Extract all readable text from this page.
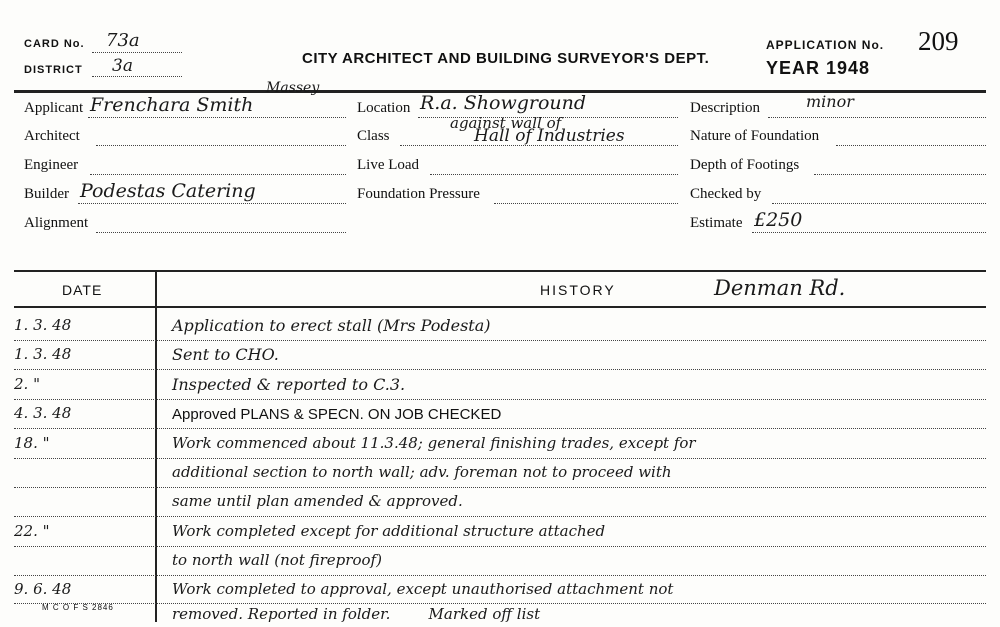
CARD No. 73a
DISTRICT 3a	CITY ARCHITECT AND BUILDING SURVEYOR'S DEPT.
APPLICATION No. 209
YEAR 1948
Applicant Frenchara Smith
Massey
Architect
Engineer
Builder Podestas Catering
Alignment
Location R.a. Showground
against wall of
Class	Hall of Industries
Live Load
Foundation Pressure
Description	minor
Nature of Foundation
Depth of Footings
Checked by
Estimate £250
DATE	HISTORY	Denman Rd.
1. 3. 48	Application to erect stall (Mrs Podesta)
1. 3. 48	Sent to CHO.
2. "	Inspected & reported to C.3.
4. 3. 48	Approved PLANS & SPECN. ON JOB CHECKED
18. "	Work commenced about 11.3.48; general finishing trades, except for
additional section to north wall; adv. foreman not to proceed with
same until plan amended & approved.
22. "	Work completed except for additional structure attached
to north wall (not fireproof)
9. 6. 48	Work completed to approval, except unauthorised attachment not
removed. Reported in folder.        Marked off list
M C O F S 2846
